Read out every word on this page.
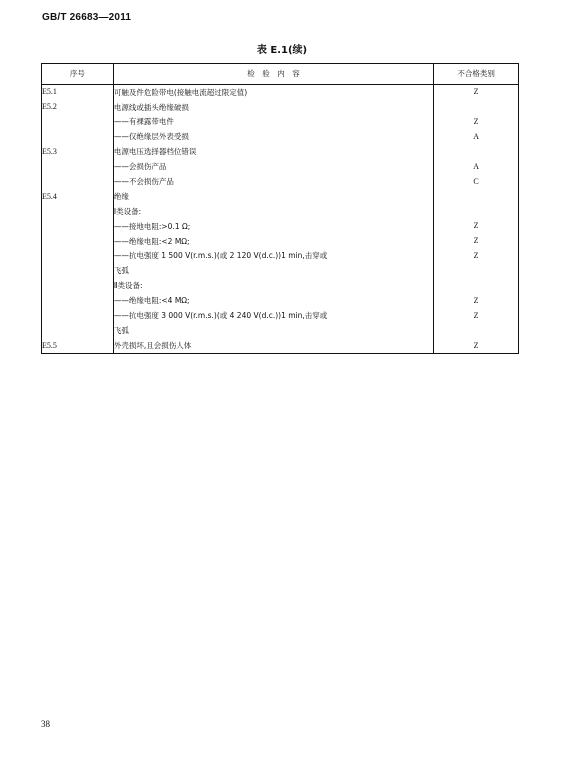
GB/T 26683—2011
表 E.1(续)
序号	检　验　内　容	不合格类别
E5.1	可触及件危险带电(接触电流超过限定值)	Z
E5.2	电源线或插头绝缘破损	
	——有裸露带电件	Z
	——仅绝缘层外表受损	A
E5.3	电源电压选择器档位错误	
	——会损伤产品	A
	——不会损伤产品	C
E5.4	绝缘	
	Ⅰ类设备:	
	——接地电阻:>0.1 Ω;	Z
	——绝缘电阻:<2 MΩ;	Z
	——抗电强度 1 500 V(r.m.s.)(或 2 120 V(d.c.))1 min,击穿或	Z
	飞弧	
	Ⅱ类设备:	
	——绝缘电阻:<4 MΩ;	Z
	——抗电强度 3 000 V(r.m.s.)(或 4 240 V(d.c.))1 min,击穿或	Z
	飞弧	
E5.5	外壳损坏,且会损伤人体	Z
38
